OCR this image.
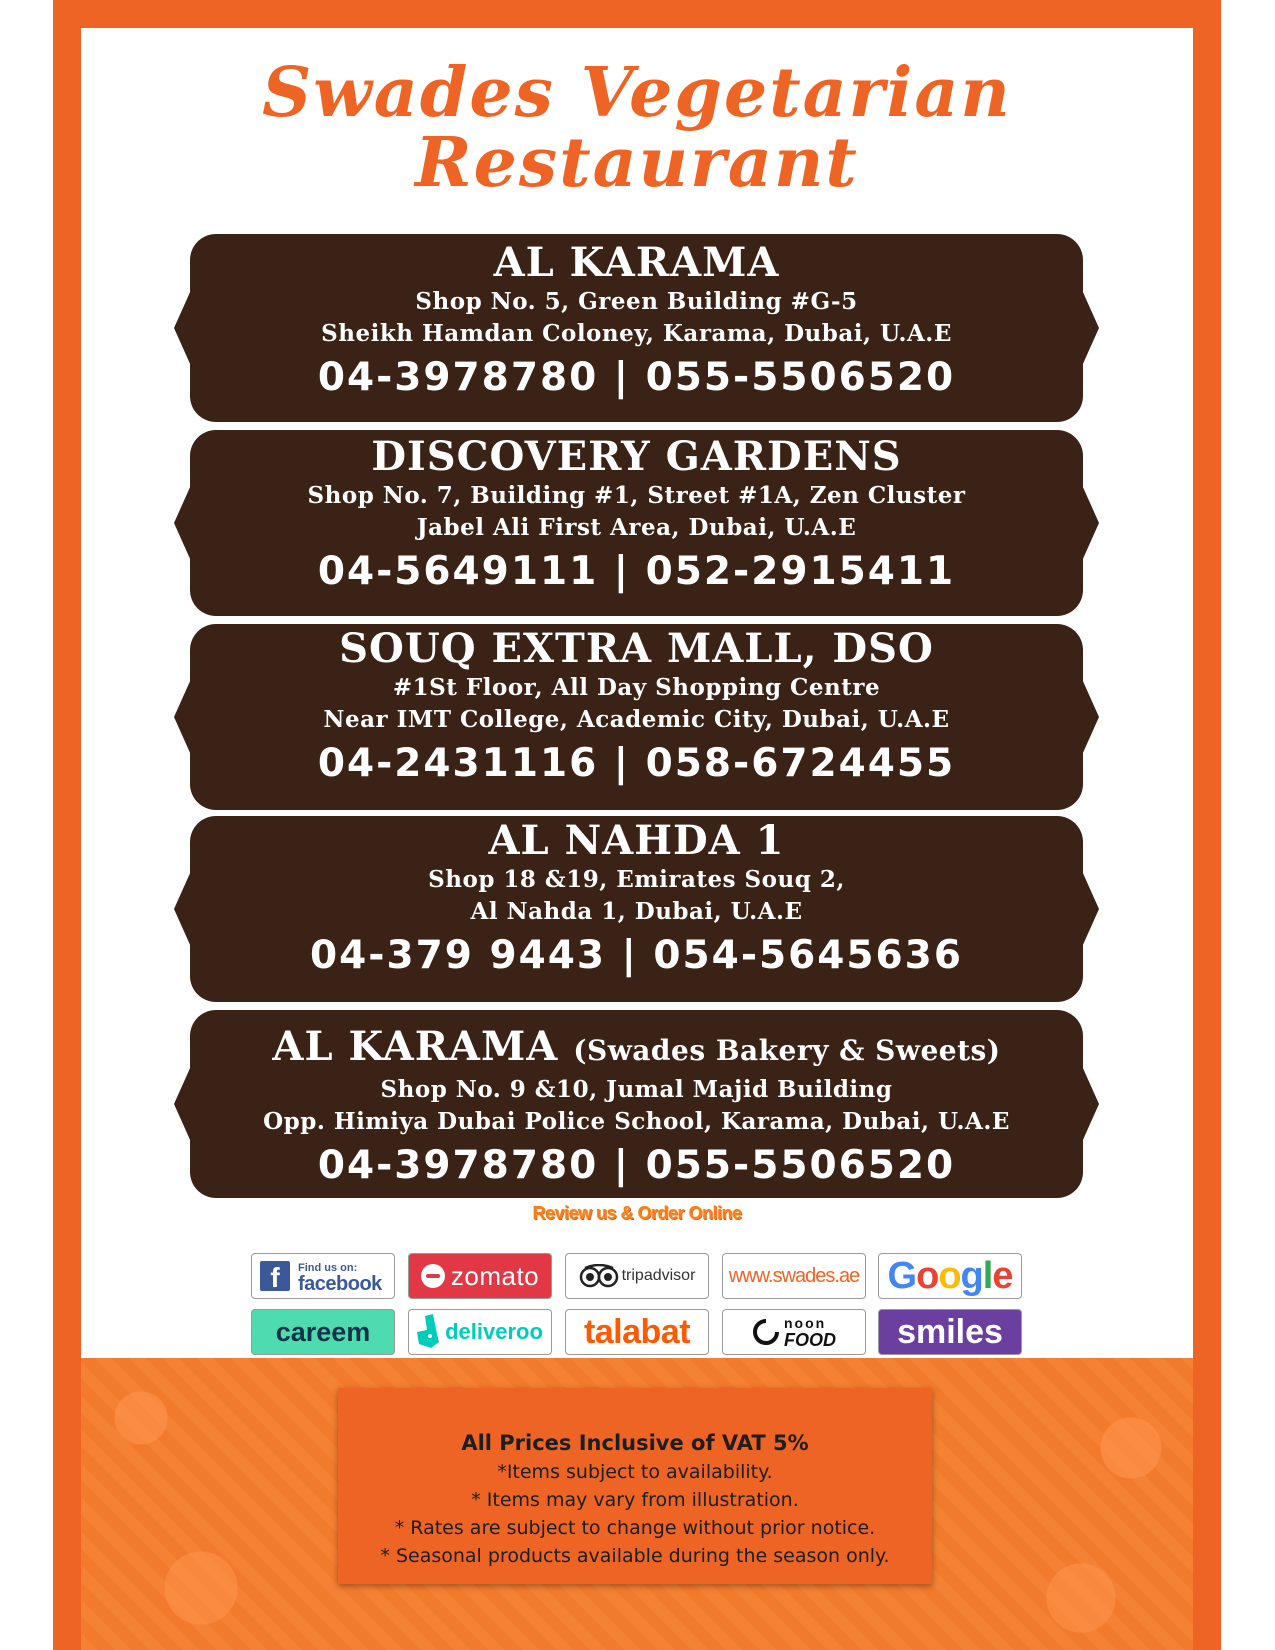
Swades Vegetarian
Restaurant
AL KARAMA
Shop No. 5, Green Building #G-5
Sheikh Hamdan Coloney, Karama, Dubai, U.A.E
04-3978780 | 055-5506520
DISCOVERY GARDENS
Shop No. 7, Building #1, Street #1A, Zen Cluster
Jabel Ali First Area, Dubai, U.A.E
04-5649111 | 052-2915411
SOUQ EXTRA MALL, DSO
#1St Floor, All Day Shopping Centre
Near IMT College, Academic City, Dubai, U.A.E
04-2431116 | 058-6724455
AL NAHDA 1
Shop 18 &19, Emirates Souq 2,
Al Nahda 1, Dubai, U.A.E
04-379 9443 | 054-5645636
AL KARAMA (Swades Bakery & Sweets)
Shop No. 9 &10, Jumal Majid Building
Opp. Himiya Dubai Police School, Karama, Dubai, U.A.E
04-3978780 | 055-5506520
Review us & Order Online
f	Find us on:
facebook	zomato	tripadvisor www.swades.ae Google
careem	deliveroo talabat	noon
FOOD smiles
All Prices Inclusive of VAT 5%
*Items subject to availability.
* Items may vary from illustration.
* Rates are subject to change without prior notice.
* Seasonal products available during the season only.
